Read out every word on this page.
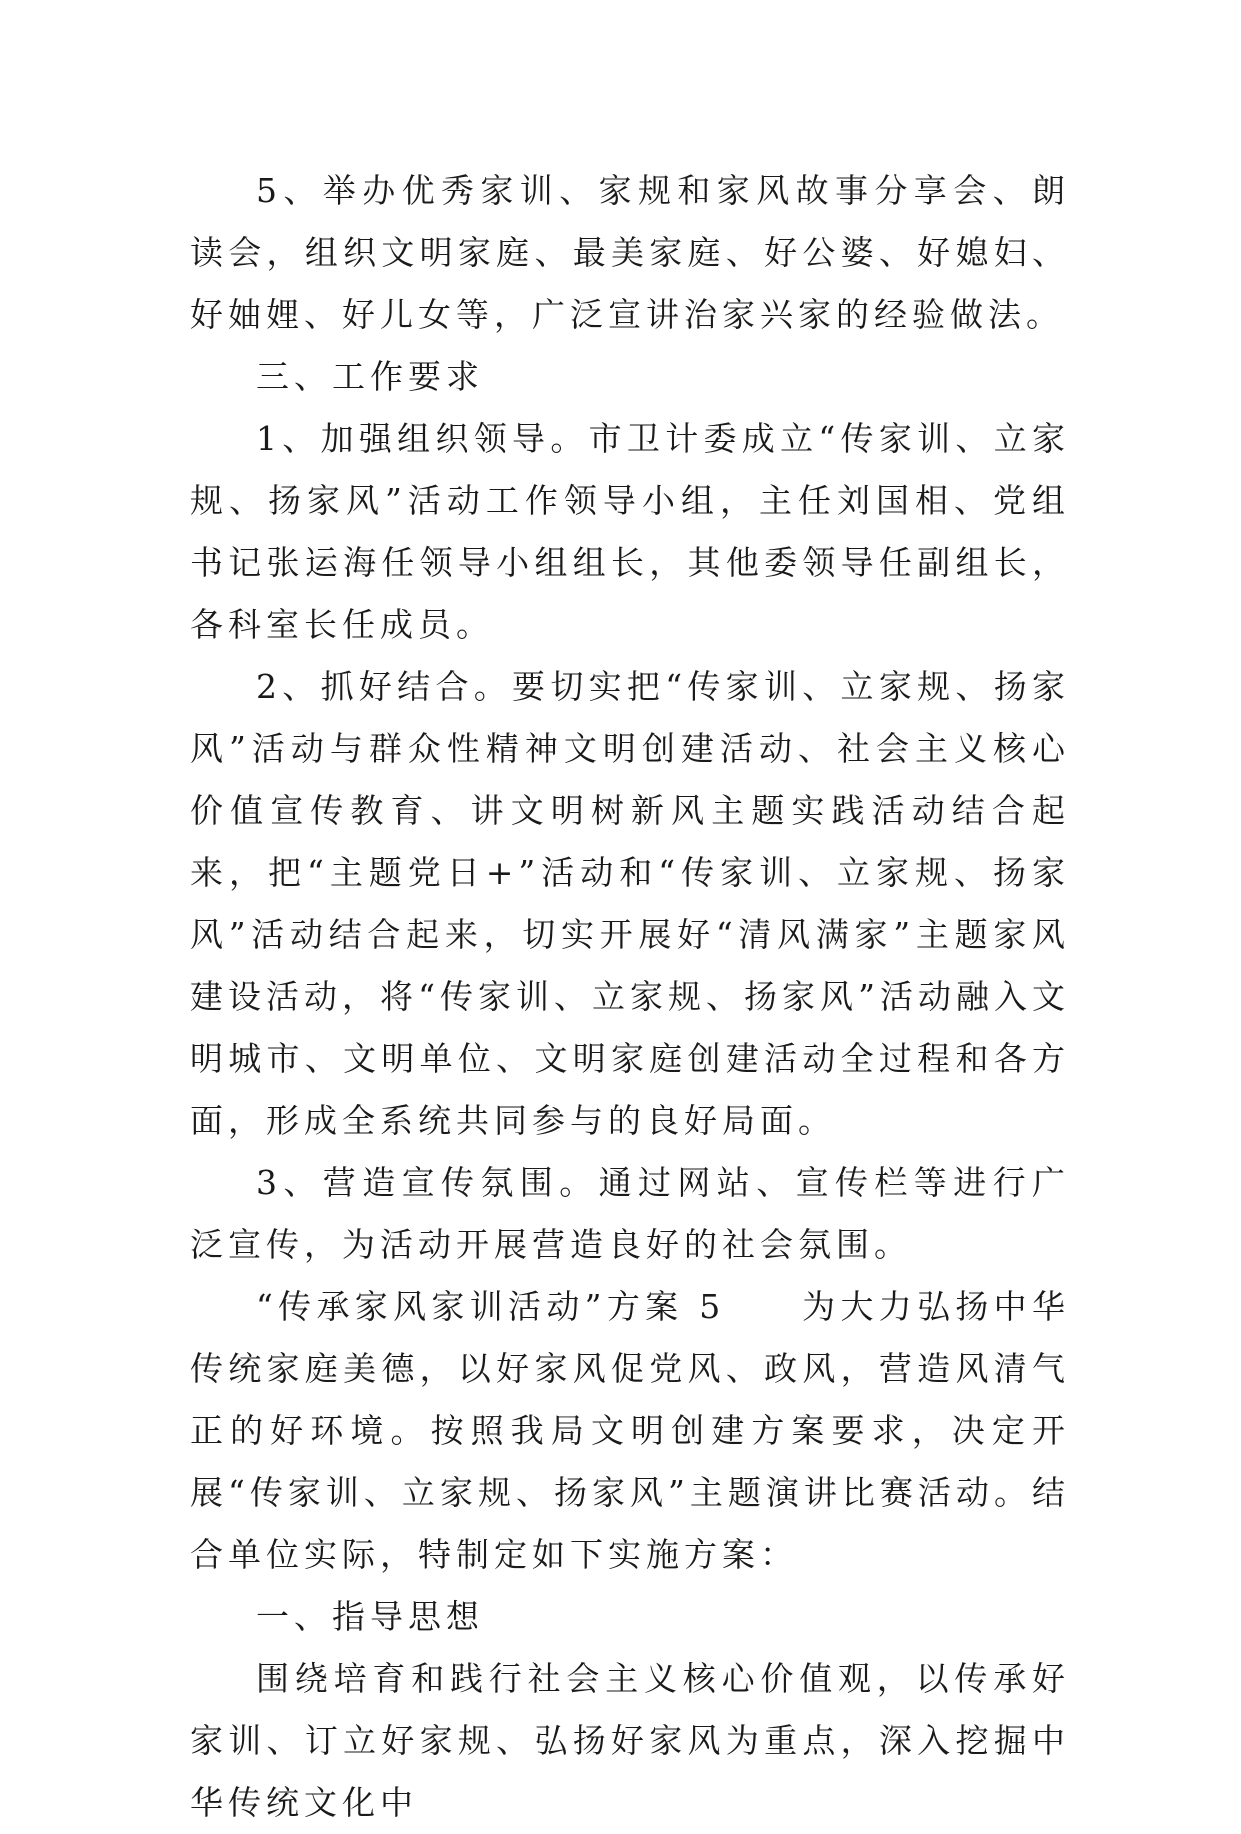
5、举办优秀家训、家规和家风故事分享会、朗读会，组织文明家庭、最美家庭、好公婆、好媳妇、好妯娌、好儿女等，广泛宣讲治家兴家的经验做法。

三、工作要求

1、加强组织领导。市卫计委成立“传家训、立家规、扬家风”活动工作领导小组，主任刘国相、党组书记张运海任领导小组组长，其他委领导任副组长，各科室长任成员。

2、抓好结合。要切实把“传家训、立家规、扬家风”活动与群众性精神文明创建活动、社会主义核心价值宣传教育、讲文明树新风主题实践活动结合起来，把“主题党日+”活动和“传家训、立家规、扬家风”活动结合起来，切实开展好“清风满家”主题家风建设活动，将“传家训、立家规、扬家风”活动融入文明城市、文明单位、文明家庭创建活动全过程和各方面，形成全系统共同参与的良好局面。

3、营造宣传氛围。通过网站、宣传栏等进行广泛宣传，为活动开展营造良好的社会氛围。

“传承家风家训活动”方案 5　　为大力弘扬中华传统家庭美德，以好家风促党风、政风，营造风清气正的好环境。按照我局文明创建方案要求，决定开展“传家训、立家规、扬家风”主题演讲比赛活动。结合单位实际，特制定如下实施方案：

一、指导思想

围绕培育和践行社会主义核心价值观，以传承好家训、订立好家规、弘扬好家风为重点，深入挖掘中华传统文化中
